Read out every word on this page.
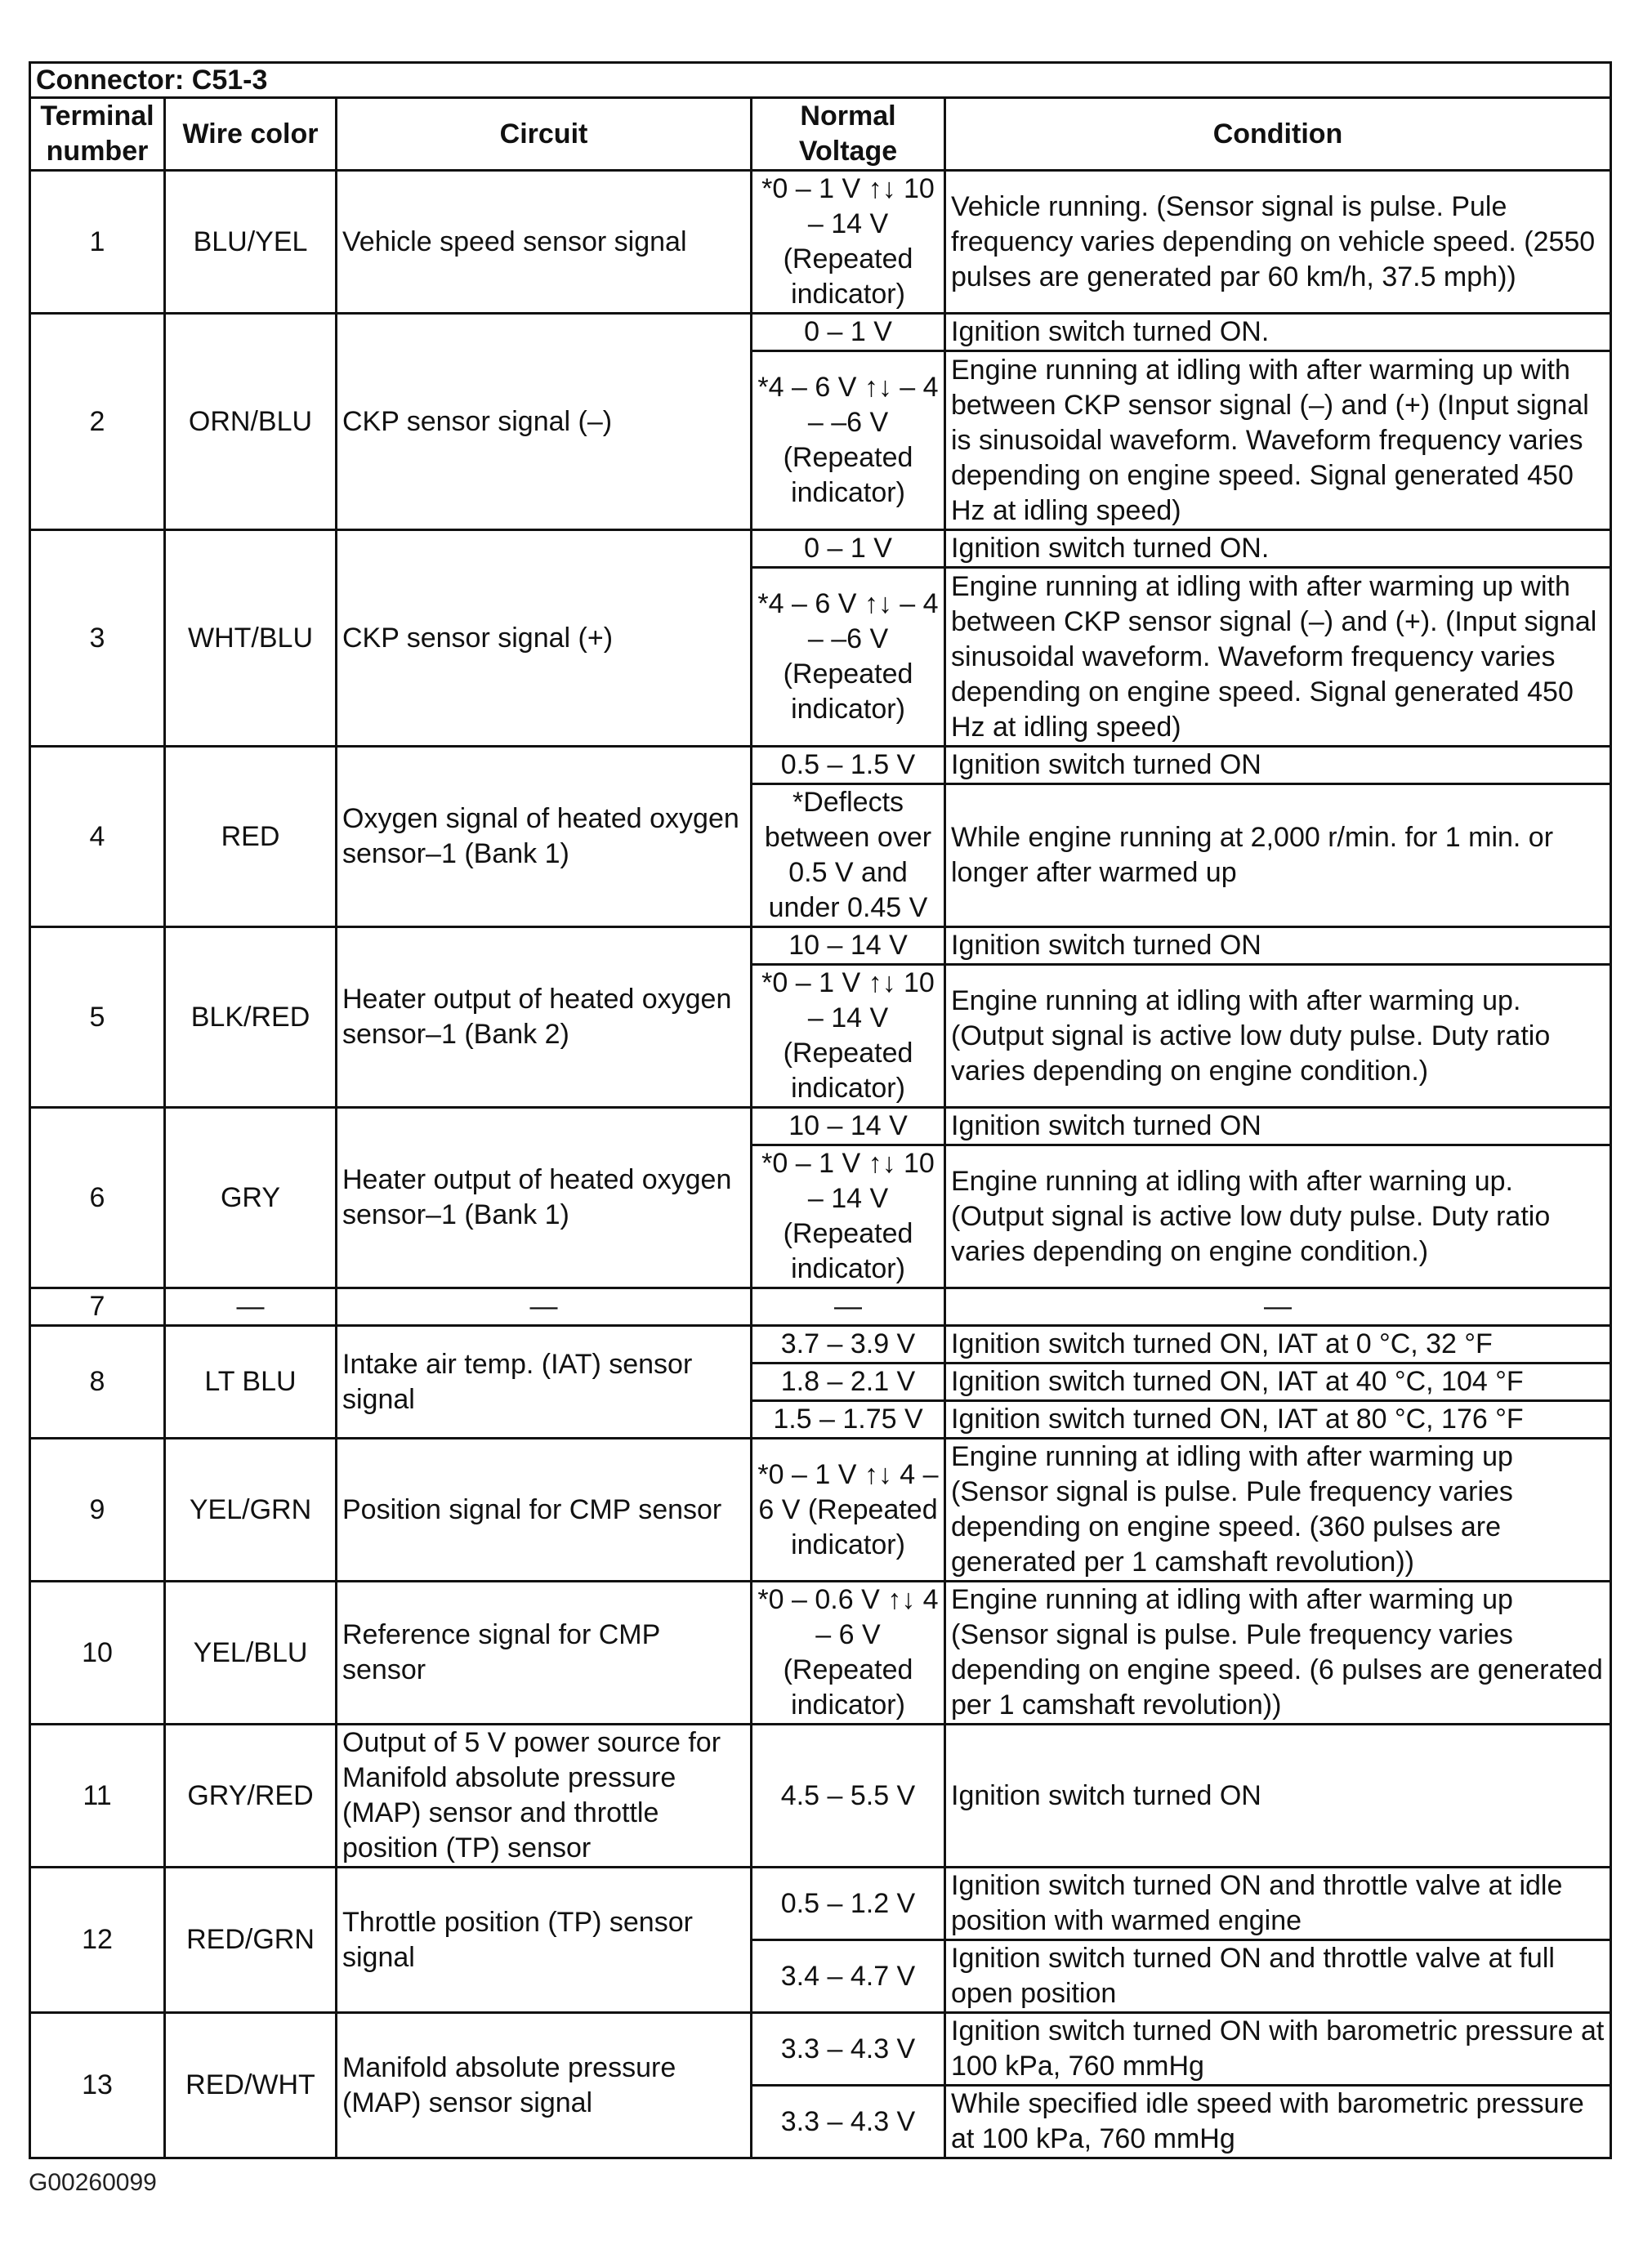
Connector: C51-3				
Terminal number	Wire color	Circuit	Normal Voltage	Condition
1	BLU/YEL	Vehicle speed sensor signal	*0 – 1 V ↑↓ 10 – 14 V (Repeated indicator)	Vehicle running. (Sensor signal is pulse. Pule frequency varies depending on vehicle speed. (2550 pulses are generated par 60 km/h, 37.5 mph))
2	ORN/BLU	CKP sensor signal (–)	0 – 1 V	Ignition switch turned ON.
			*4 – 6 V ↑↓ – 4 – –6 V (Repeated indicator)	Engine running at idling with after warming up with between CKP sensor signal (–) and (+) (Input signal is sinusoidal waveform. Waveform frequency varies depending on engine speed. Signal generated 450 Hz at idling speed)
3	WHT/BLU	CKP sensor signal (+)	0 – 1 V	Ignition switch turned ON.
			*4 – 6 V ↑↓ – 4 – –6 V (Repeated indicator)	Engine running at idling with after warming up with between CKP sensor signal (–) and (+). (Input signal sinusoidal waveform. Waveform frequency varies depending on engine speed. Signal generated 450 Hz at idling speed)
4	RED	Oxygen signal of heated oxygen sensor–1 (Bank 1)	0.5 – 1.5 V	Ignition switch turned ON
			*Deflects between over 0.5 V and under 0.45 V	While engine running at 2,000 r/min. for 1 min. or longer after warmed up
5	BLK/RED	Heater output of heated oxygen sensor–1 (Bank 2)	10 – 14 V	Ignition switch turned ON
			*0 – 1 V ↑↓ 10 – 14 V (Repeated indicator)	Engine running at idling with after warming up. (Output signal is active low duty pulse. Duty ratio varies depending on engine condition.)
6	GRY	Heater output of heated oxygen sensor–1 (Bank 1)	10 – 14 V	Ignition switch turned ON
			*0 – 1 V ↑↓ 10 – 14 V (Repeated indicator)	Engine running at idling with after warning up. (Output signal is active low duty pulse. Duty ratio varies depending on engine condition.)
7	—	—	—	—
8	LT BLU	Intake air temp. (IAT) sensor signal	3.7 – 3.9 V	Ignition switch turned ON, IAT at 0 °C, 32 °F
			1.8 – 2.1 V	Ignition switch turned ON, IAT at 40 °C, 104 °F
			1.5 – 1.75 V	Ignition switch turned ON, IAT at 80 °C, 176 °F
9	YEL/GRN	Position signal for CMP sensor	*0 – 1 V ↑↓ 4 – 6 V (Repeated indicator)	Engine running at idling with after warming up (Sensor signal is pulse. Pule frequency varies depending on engine speed. (360 pulses are generated per 1 camshaft revolution))
10	YEL/BLU	Reference signal for CMP sensor	*0 – 0.6 V ↑↓ 4 – 6 V (Repeated indicator)	Engine running at idling with after warming up (Sensor signal is pulse. Pule frequency varies depending on engine speed. (6 pulses are generated per 1 camshaft revolution))
11	GRY/RED	Output of 5 V power source for Manifold absolute pressure (MAP) sensor and throttle position (TP) sensor	4.5 – 5.5 V	Ignition switch turned ON
12	RED/GRN	Throttle position (TP) sensor signal	0.5 – 1.2 V	Ignition switch turned ON and throttle valve at idle position with warmed engine
			3.4 – 4.7 V	Ignition switch turned ON and throttle valve at full open position
13	RED/WHT	Manifold absolute pressure (MAP) sensor signal	3.3 – 4.3 V	Ignition switch turned ON with barometric pressure at 100 kPa, 760 mmHg
			3.3 – 4.3 V	While specified idle speed with barometric pressure at 100 kPa, 760 mmHg
G00260099
